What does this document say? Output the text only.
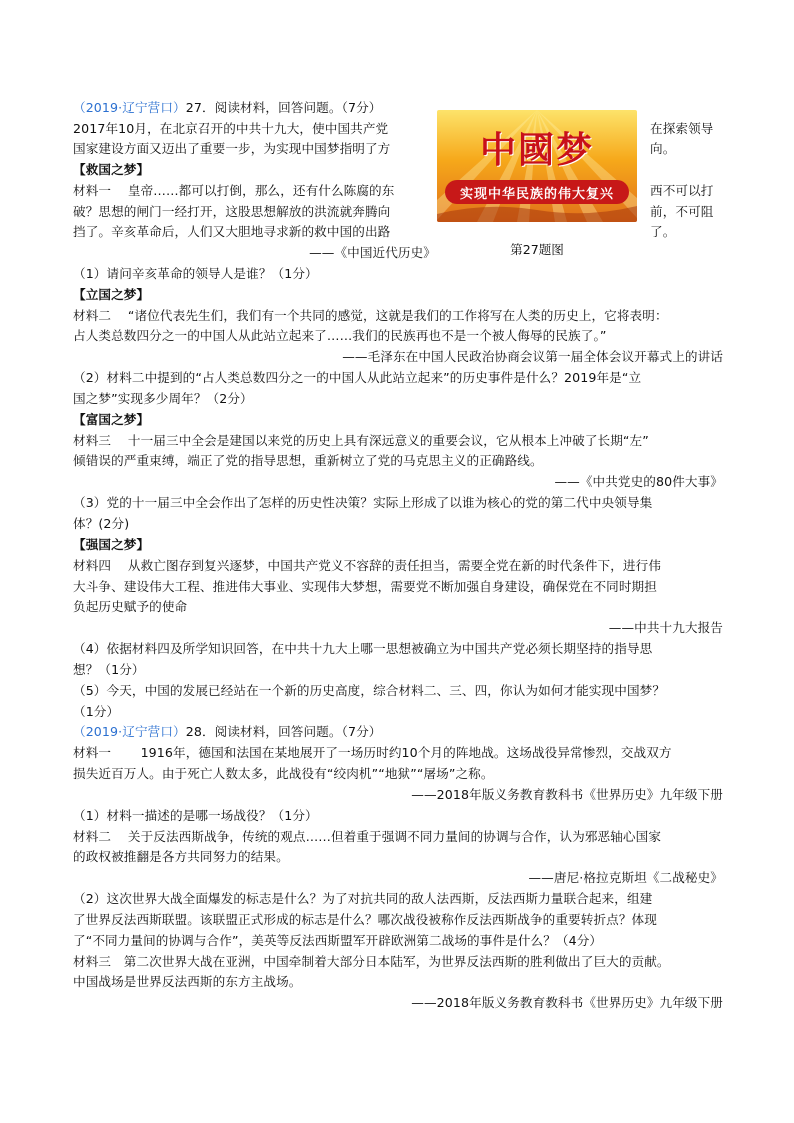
（2019·辽宁营口）27．阅读材料，回答问题。（7分）
2017年10月，在北京召开的中共十九大，使中国共产党	在探索领导
国家建设方面又迈出了重要一步，为实现中国梦指明了方	向。
【救国之梦】
材料一　 皇帝……都可以打倒，那么，还有什么陈腐的东	西不可以打
破？思想的闸门一经打开，这股思想解放的洪流就奔腾向	前，不可阻
挡了。辛亥革命后，人们又大胆地寻求新的救中国的出路	了。
——《中国近代历史》
中國梦
实现中华民族的伟大复兴
第27题图
（1）请问辛亥革命的领导人是谁？（1分）
【立国之梦】
材料二　 “诸位代表先生们，我们有一个共同的感觉，这就是我们的工作将写在人类的历史上，它将表明：
占人类总数四分之一的中国人从此站立起来了……我们的民族再也不是一个被人侮辱的民族了。”
——毛泽东在中国人民政治协商会议第一届全体会议开幕式上的讲话
（2）材料二中提到的“占人类总数四分之一的中国人从此站立起来”的历史事件是什么？2019年是“立
国之梦”实现多少周年？（2分）
【富国之梦】
材料三　 十一届三中全会是建国以来党的历史上具有深远意义的重要会议，它从根本上冲破了长期“左”
倾错误的严重束缚，端正了党的指导思想，重新树立了党的马克思主义的正确路线。
——《中共党史的80件大事》
（3）党的十一届三中全会作出了怎样的历史性决策？实际上形成了以谁为核心的党的第二代中央领导集
体？(2分)
【强国之梦】
材料四　 从救亡图存到复兴逐梦，中国共产党义不容辞的责任担当，需要全党在新的时代条件下，进行伟
大斗争、建设伟大工程、推进伟大事业、实现伟大梦想，需要党不断加强自身建设，确保党在不同时期担
负起历史赋予的使命
——中共十九大报告
（4）依据材料四及所学知识回答，在中共十九大上哪一思想被确立为中国共产党必须长期坚持的指导思
想？（1分）
（5）今天，中国的发展已经站在一个新的历史高度，综合材料二、三、四，你认为如何才能实现中国梦？
（1分）
（2019·辽宁营口）28．阅读材料，回答问题。（7分）
材料一　 　1916年，德国和法国在某地展开了一场历时约10个月的阵地战。这场战役异常惨烈，交战双方
损失近百万人。由于死亡人数太多，此战役有“绞肉机”“地狱”“屠场”之称。
——2018年版义务教育教科书《世界历史》九年级下册
（1）材料一描述的是哪一场战役？（1分）
材料二　 关于反法西斯战争，传统的观点……但着重于强调不同力量间的协调与合作，认为邪恶轴心国家
的政权被推翻是各方共同努力的结果。
——唐尼·格拉克斯坦《二战秘史》
（2）这次世界大战全面爆发的标志是什么？为了对抗共同的敌人法西斯，反法西斯力量联合起来，组建
了世界反法西斯联盟。该联盟正式形成的标志是什么？哪次战役被称作反法西斯战争的重要转折点？体现
了“不同力量间的协调与合作”，美英等反法西斯盟军开辟欧洲第二战场的事件是什么？（4分）
材料三　第二次世界大战在亚洲，中国牵制着大部分日本陆军，为世界反法西斯的胜利做出了巨大的贡献。
中国战场是世界反法西斯的东方主战场。
——2018年版义务教育教科书《世界历史》九年级下册
